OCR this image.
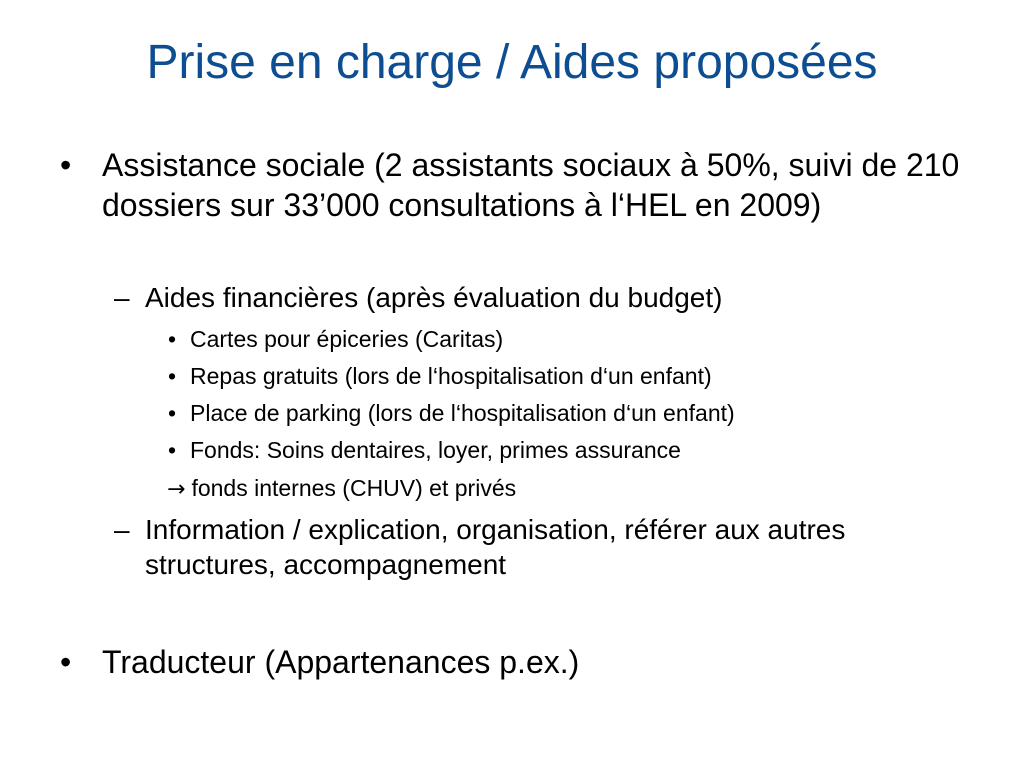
Prise en charge / Aides proposées
• Assistance sociale (2 assistants sociaux à 50%, suivi de 210 dossiers sur 33’000 consultations à l‘HEL en 2009)
– Aides financières (après évaluation du budget)
• Cartes pour épiceries (Caritas)
• Repas gratuits (lors de l‘hospitalisation d‘un enfant)
• Place de parking (lors de l‘hospitalisation d‘un enfant)
• Fonds: Soins dentaires, loyer, primes assurance
→ fonds internes (CHUV) et privés
– Information / explication, organisation, référer aux autres structures, accompagnement
• Traducteur (Appartenances p.ex.)
